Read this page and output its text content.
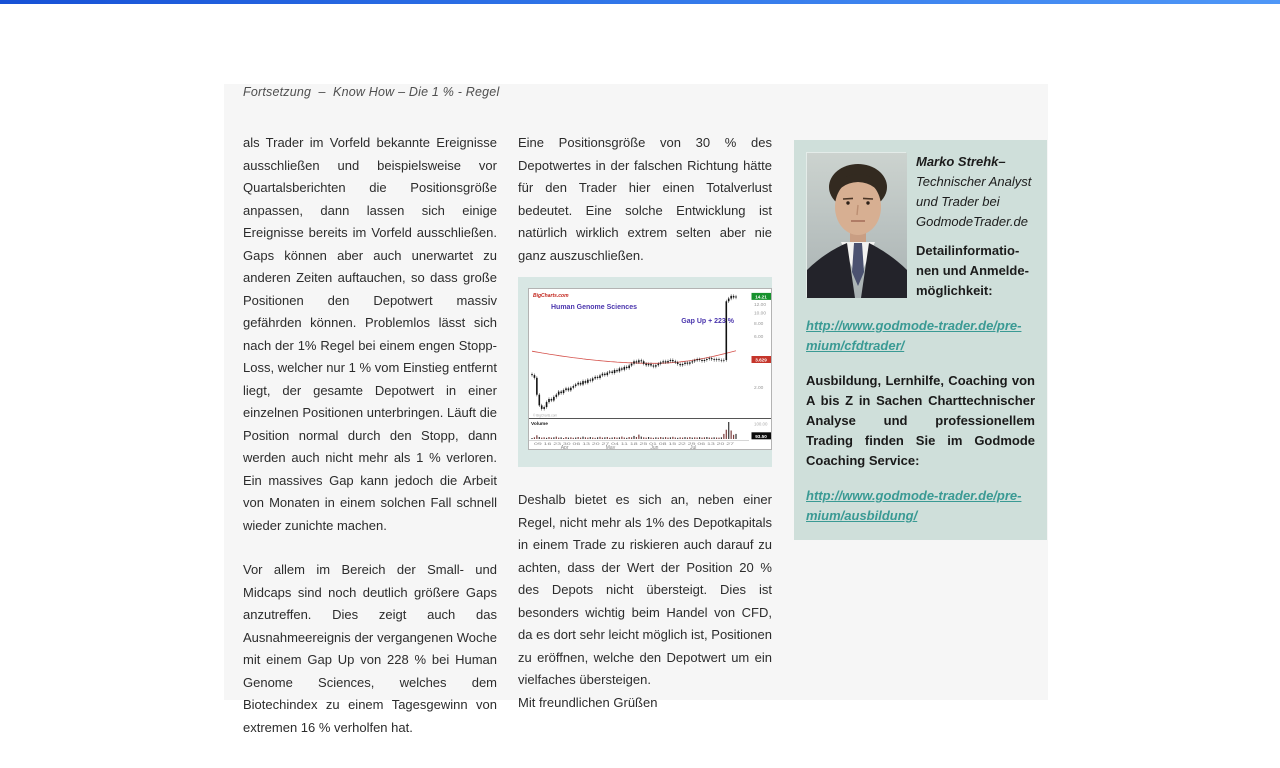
Fortsetzung  –  Know How – Die 1 % - Regel

als Trader im Vorfeld bekannte Ereignisse ausschließen und beispielsweise vor Quartalsberichten die Positionsgröße anpassen, dann lassen sich einige Ereignisse bereits im Vorfeld ausschließen. Gaps können aber auch unerwartet zu anderen Zeiten auftauchen, so dass große Positionen den Depotwert massiv gefährden können. Problemlos lässt sich nach der 1% Regel bei einem engen Stopp-Loss, welcher nur 1 % vom Einstieg entfernt liegt, der gesamte Depotwert in einer einzelnen Positionen unterbringen. Läuft die Position normal durch den Stopp, dann werden auch nicht mehr als 1 % verloren. Ein massives Gap kann jedoch die Arbeit von Monaten in einem solchen Fall schnell wieder zunichte machen.

Vor allem im Bereich der Small- und Midcaps sind noch deutlich größere Gaps anzutreffen. Dies zeigt auch das Ausnahmeereignis der vergangenen Woche mit einem Gap Up von 228 % bei Human Genome Sciences, welches dem Biotechindex zu einem Tagesgewinn von extremen 16 % verholfen hat.

Eine Positionsgröße von 30 % des Depotwertes in der falschen Richtung hätte für den Trader hier einen Totalverlust bedeutet. Eine solche Entwicklung ist natürlich wirklich extrem selten aber nie ganz auszuschließen.

12.00
10.00
8.00
6.00
2.00
14.21
3.629
Volume	100.00
93.50
09 16 23 30 06 13 20 27 04 11 18 25 01 08 15 22 29 06 13 20 27
Apr	May	Jun	Jul
BigCharts.com
Human Genome Sciences
Gap Up + 223 %
© BigCharts.com

Deshalb bietet es sich an, neben einer Regel, nicht mehr als 1% des Depotkapitals in einem Trade zu riskieren auch darauf zu achten, dass der Wert der Position 20 % des Depots nicht übersteigt. Dies ist besonders wichtig beim Handel von CFD, da es dort sehr leicht möglich ist, Positionen zu eröffnen, welche den Depotwert um ein vielfaches übersteigen.

Mit freundlichen Grüßen

Marko Strehk–
Technischer Analyst
und Trader bei
GodmodeTrader.de
Detailinformatio-
nen und Anmelde-
möglichkeit:
http://www.godmode-trader.de/pre-
mium/cfdtrader/
Ausbildung, Lernhilfe, Coaching von A bis Z in Sachen Charttechnischer Analyse und professionellem Trading finden Sie im Godmode Coaching Service:
http://www.godmode-trader.de/pre-
mium/ausbildung/
